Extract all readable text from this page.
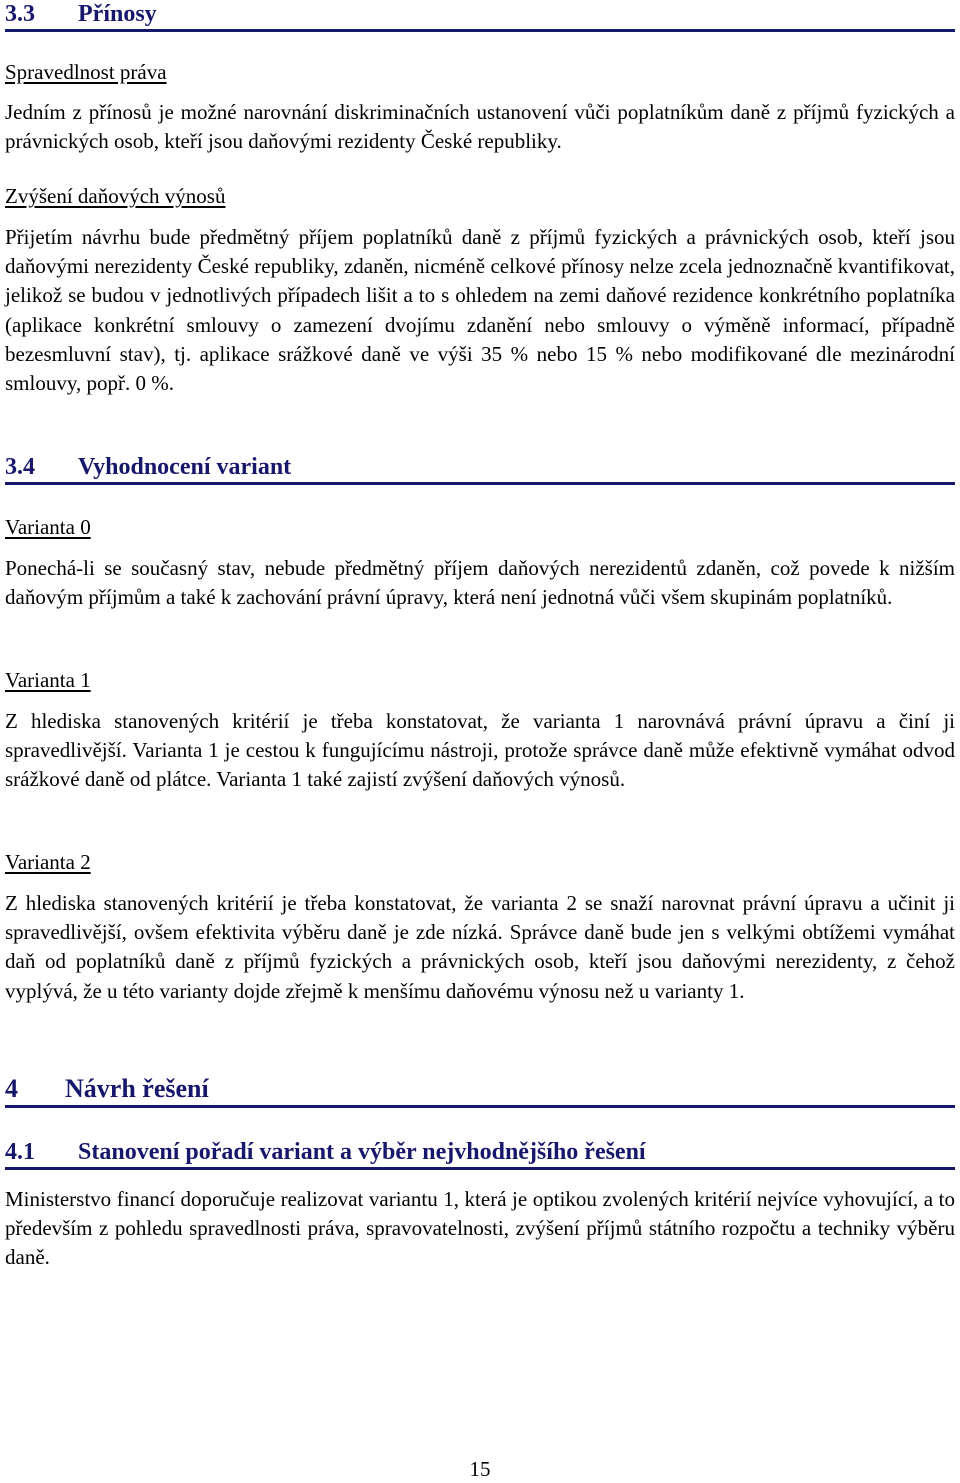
3.3 Přínosy
Spravedlnost práva

Jedním z přínosů je možné narovnání diskriminačních ustanovení vůči poplatníkům daně z příjmů fyzických a právnických osob, kteří jsou daňovými rezidenty České republiky.

Zvýšení daňových výnosů

Přijetím návrhu bude předmětný příjem poplatníků daně z příjmů fyzických a právnických osob, kteří jsou daňovými nerezidenty České republiky, zdaněn, nicméně celkové přínosy nelze zcela jednoznačně kvantifikovat, jelikož se budou v jednotlivých případech lišit a to s ohledem na zemi daňové rezidence konkrétního poplatníka (aplikace konkrétní smlouvy o zamezení dvojímu zdanění nebo smlouvy o výměně informací, případně bezesmluvní stav), tj. aplikace srážkové daně ve výši 35 % nebo 15 % nebo modifikované dle mezinárodní smlouvy, popř. 0 %.

3.4 Vyhodnocení variant
Varianta 0

Ponechá-li se současný stav, nebude předmětný příjem daňových nerezidentů zdaněn, což povede k nižším daňovým příjmům a také k zachování právní úpravy, která není jednotná vůči všem skupinám poplatníků.

Varianta 1

Z hlediska stanovených kritérií je třeba konstatovat, že varianta 1 narovnává právní úpravu a činí ji spravedlivější. Varianta 1 je cestou k fungujícímu nástroji, protože správce daně může efektivně vymáhat odvod srážkové daně od plátce. Varianta 1 také zajistí zvýšení daňových výnosů.

Varianta 2

Z hlediska stanovených kritérií je třeba konstatovat, že varianta 2 se snaží narovnat právní úpravu a učinit ji spravedlivější, ovšem efektivita výběru daně je zde nízká. Správce daně bude jen s velkými obtížemi vymáhat daň od poplatníků daně z příjmů fyzických a právnických osob, kteří jsou daňovými nerezidenty, z čehož vyplývá, že u této varianty dojde zřejmě k menšímu daňovému výnosu než u varianty 1.

4 Návrh řešení
4.1 Stanovení pořadí variant a výběr nejvhodnějšího řešení

Ministerstvo financí doporučuje realizovat variantu 1, která je optikou zvolených kritérií nejvíce vyhovující, a to především z pohledu spravedlnosti práva, spravovatelnosti, zvýšení příjmů státního rozpočtu a techniky výběru daně.

15
